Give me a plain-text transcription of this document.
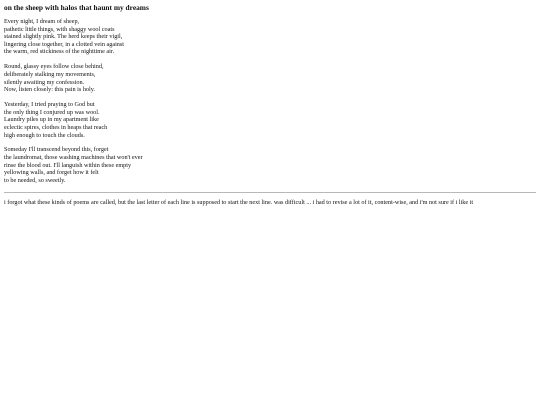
on the sheep with halos that haunt my dreams
Every night, I dream of sheep,
pathetic little things, with shaggy wool coats
stained slightly pink. The herd keeps their vigil,
lingering close together, in a clotted vein against
the warm, red stickiness of the nighttime air.
Round, glassy eyes follow close behind,
deliberately stalking my movements,
silently awaiting my confession.
Now, listen closely: this pain is holy.
Yesterday, I tried praying to God but
the only thing I conjured up was wool.
Laundry piles up in my apartment like
eclectic spires, clothes in heaps that reach
high enough to touch the clouds.
Someday I'll transcend beyond this, forget
the laundromat, those washing machines that won't ever
rinse the blood out. I'll languish within these empty
yellowing walls, and forget how it felt
to be needed, so sweetly.

i forgot what these kinds of poems are called, but the last letter of each line is supposed to start the next line. was difficult ... i had to revise a lot of it, content-wise, and i'm not sure if i like it
